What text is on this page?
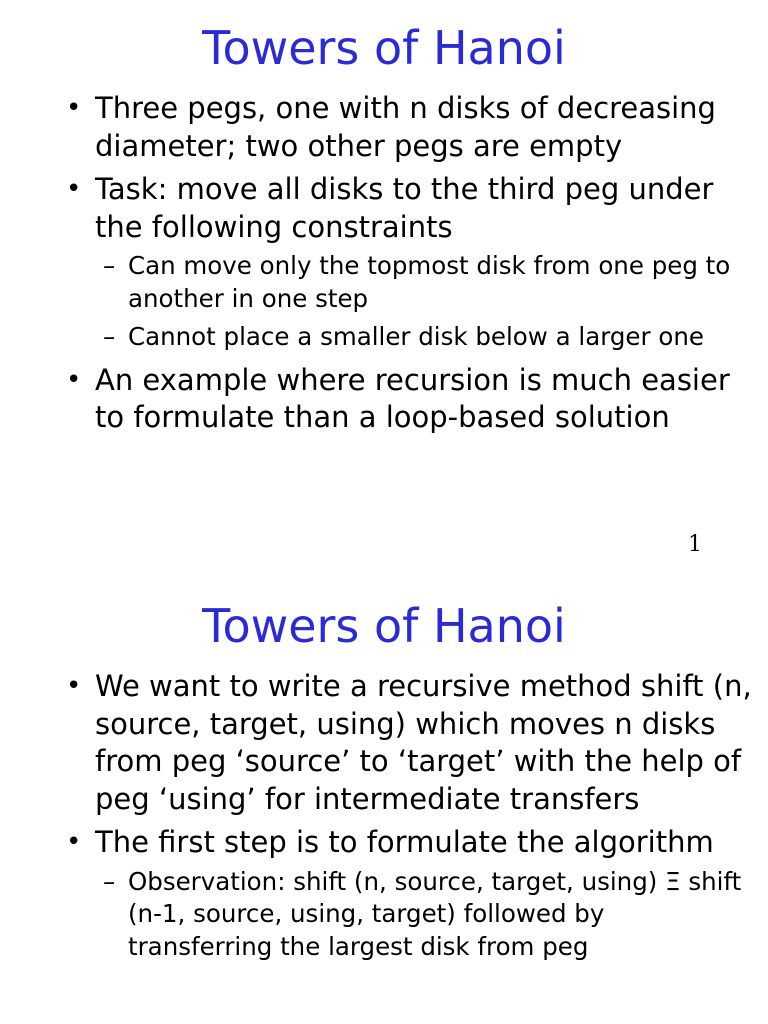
Towers of Hanoi
• Three pegs, one with n disks of decreasing diameter; two other pegs are empty
• Task: move all disks to the third peg under the following constraints
– Can move only the topmost disk from one peg to another in one step
– Cannot place a smaller disk below a larger one
• An example where recursion is much easier to formulate than a loop-based solution
1
Towers of Hanoi
• We want to write a recursive method shift (n, source, target, using) which moves n disks from peg ‘source’ to ‘target’ with the help of peg ‘using’ for intermediate transfers
• The first step is to formulate the algorithm
– Observation: shift (n, source, target, using) Ξ shift (n-1, source, using, target) followed by transferring the largest disk from peg
